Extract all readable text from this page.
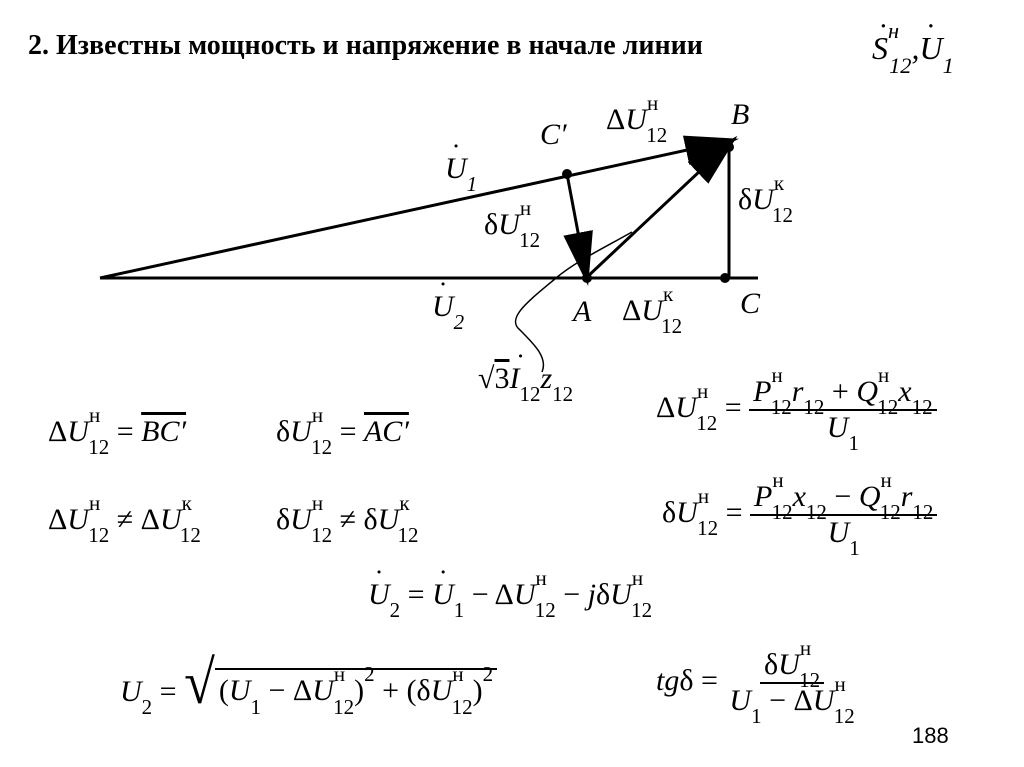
2. Известны мощность и напряжение в начале линии	˙ $S^н_{12},˙$ $U_1$
B
C′
A	C
˙ $U_1$
˙ $U_2$
$\Delta U^н_{12}$
$\delta U^н_{12}$
$\delta U^к_{12}$
$\Delta U^к_{12}$
√3˙ $I_{12}z_{12}$
$\Delta U^н_{12} = BC'$	$\delta U^н_{12} = AC'$
$\Delta U^н_{12} \ne \Delta U^к_{12}$	$\delta U^н_{12} \ne \delta U^к_{12}$
$\Delta U^н_{12} = \frac{P^н_{12}r_{12} + Q^н_{12}x_{12}}{U_1}$
$\delta U^н_{12} = \frac{P^н_{12}x_{12} - Q^н_{12}r_{12}}{U_1}$
˙ $U_2$ = ˙ $U_1 - \Delta U^н_{12} - j\delta U^н_{12}$
$U_2$ = √ $(U_1 - \Delta U^н_{12})^2 + (\delta U^н_{12})^2$	$tg\delta = \frac{\delta U^н_{12}}{U_1 - \Delta U^н_{12}}$
188
